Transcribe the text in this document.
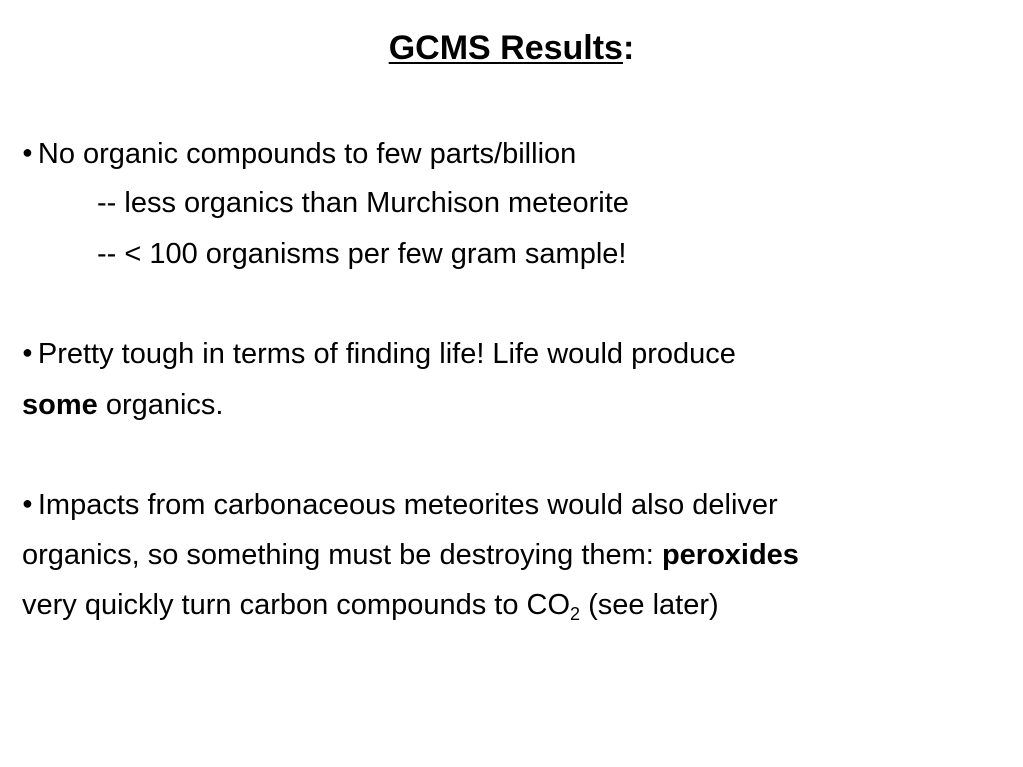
GCMS Results:
● No organic compounds to few parts/billion
-- less organics than Murchison meteorite
-- < 100 organisms per few gram sample!
● Pretty tough in terms of finding life! Life would produce
some organics.
● Impacts from carbonaceous meteorites would also deliver
organics, so something must be destroying them: peroxides
very quickly turn carbon compounds to $CO_2$ (see later)
